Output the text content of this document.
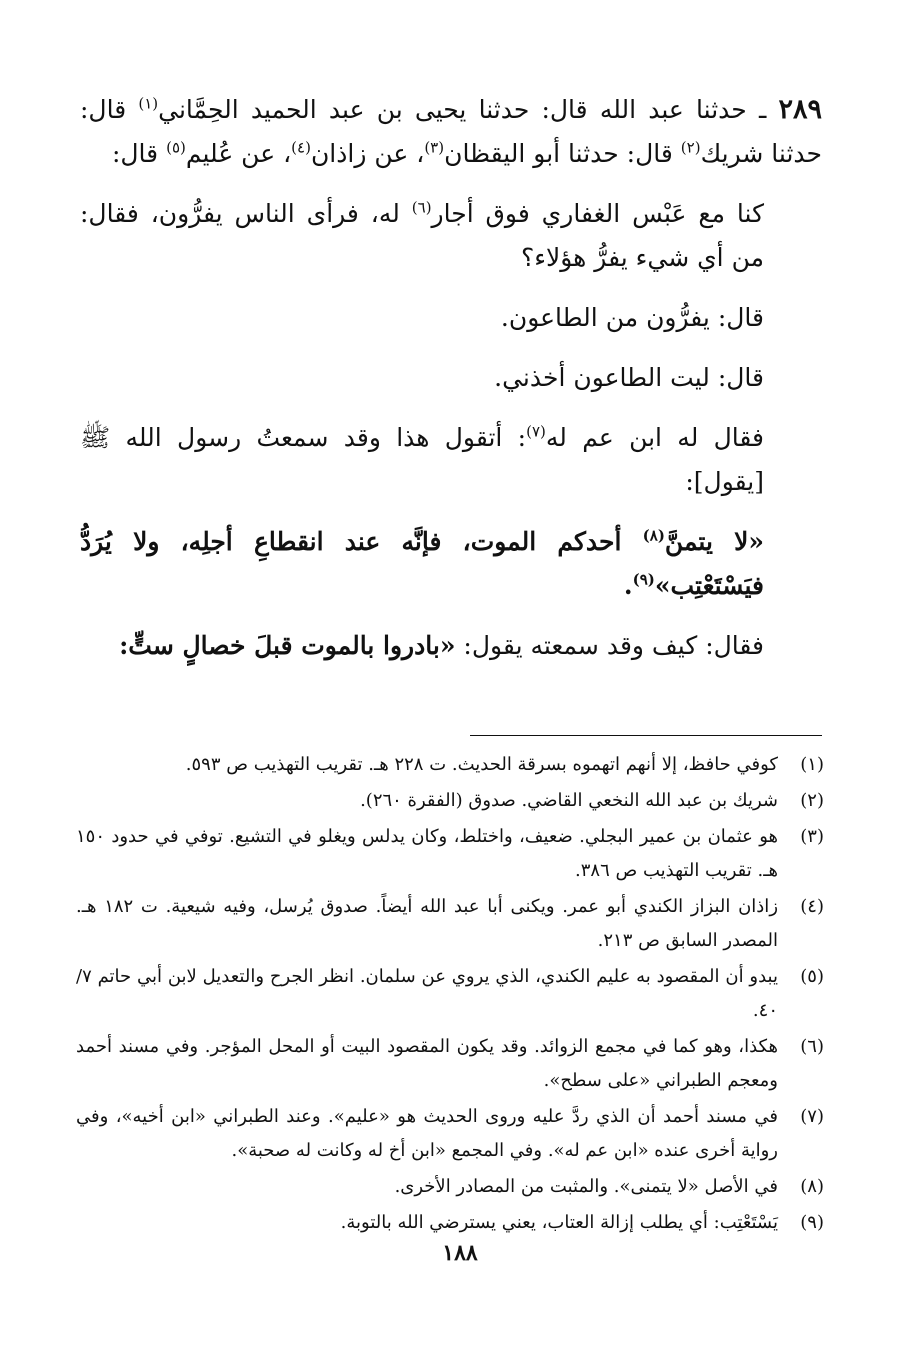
٢٨٩ ـ حدثنا عبد الله قال: حدثنا يحيى بن عبد الحميد الحِمَّاني$^{(١)}$ قال: حدثنا شريك$^{(٢)}$ قال: حدثنا أبو اليقظان$^{(٣)}$، عن زاذان$^{(٤)}$، عن عُليم$^{(٥)}$ قال:

كنا مع عَبْس الغفاري فوق أجار$^{(٦)}$ له، فرأى الناس يفرُّون، فقال: من أي شيء يفرُّ هؤلاء؟

قال: يفرُّون من الطاعون.

قال: ليت الطاعون أخذني.

فقال له ابن عم له$^{(٧)}$: أتقول هذا وقد سمعتُ رسول الله ﷺ [يقول]:

«لا يتمنَّ$^{(٨)}$ أحدكم الموت، فإنَّه عند انقطاعِ أجلِه، ولا يُرَدُّ فيَسْتَعْتِب»$^{(٩)}$.

فقال: كيف وقد سمعته يقول: «بادروا بالموت قبلَ خصالٍ ستٍّ:

(١)
كوفي حافظ، إلا أنهم اتهموه بسرقة الحديث. ت ٢٢٨ هـ. تقريب التهذيب ص ٥٩٣.
(٢)
شريك بن عبد الله النخعي القاضي. صدوق (الفقرة ٢٦٠).
(٣)
هو عثمان بن عمير البجلي. ضعيف، واختلط، وكان يدلس ويغلو في التشيع. توفي في حدود ١٥٠ هـ. تقريب التهذيب ص ٣٨٦.
(٤)
زاذان البزاز الكندي أبو عمر. ويكنى أبا عبد الله أيضاً. صدوق يُرسل، وفيه شيعية. ت ١٨٢ هـ. المصدر السابق ص ٢١٣.
(٥)
يبدو أن المقصود به عليم الكندي، الذي يروي عن سلمان. انظر الجرح والتعديل لابن أبي حاتم ٧/ ٤٠.
(٦)
هكذا، وهو كما في مجمع الزوائد. وقد يكون المقصود البيت أو المحل المؤجر. وفي مسند أحمد ومعجم الطبراني «على سطح».
(٧)
في مسند أحمد أن الذي ردَّ عليه وروى الحديث هو «عليم». وعند الطبراني «ابن أخيه»، وفي رواية أخرى عنده «ابن عم له». وفي المجمع «ابن أخ له وكانت له صحبة».
(٨)
في الأصل «لا يتمنى». والمثبت من المصادر الأخرى.
(٩)
يَسْتَعْتِب: أي يطلب إزالة العتاب، يعني يسترضي الله بالتوبة.
١٨٨
